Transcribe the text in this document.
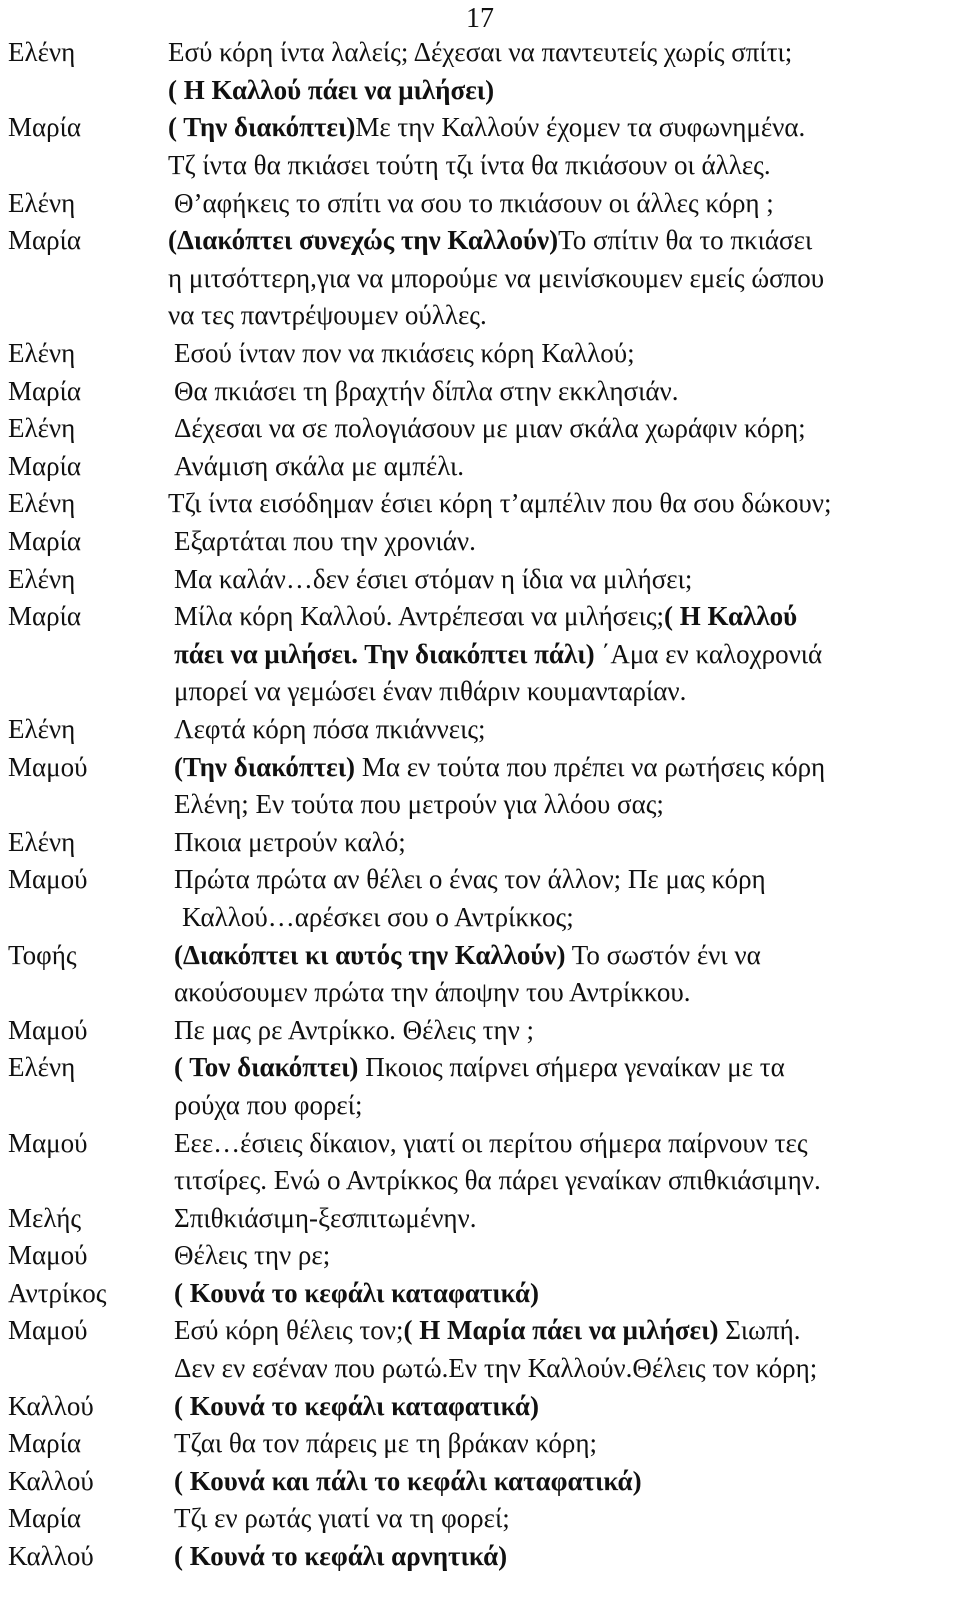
17
Ελένη	Εσύ κόρη ίντα λαλείς; Δέχεσαι να παντευτείς χωρίς σπίτι;
( Η Καλλού πάει να μιλήσει)
Μαρία	( Την διακόπτει)Με την Καλλούν έχομεν τα συφωνημένα.
Τζ ίντα θα πκιάσει τούτη τζι ίντα θα πκιάσουν οι άλλες.
Ελένη	Θ’αφήκεις το σπίτι να σου το πκιάσουν οι άλλες κόρη ;
Μαρία	(Διακόπτει συνεχώς την Καλλούν)Το σπίτιν θα το πκιάσει
η μιτσόττερη,για να μπορούμε να μεινίσκουμεν εμείς ώσπου
να τες παντρέψουμεν ούλλες.
Ελένη	Εσού ίνταν πον να πκιάσεις κόρη Καλλού;
Μαρία	Θα πκιάσει τη βραχτήν δίπλα στην εκκλησιάν.
Ελένη	Δέχεσαι να σε πολογιάσουν με μιαν σκάλα χωράφιν κόρη;
Μαρία	Ανάμιση σκάλα με αμπέλι.
Ελένη	Τζι ίντα εισόδημαν έσιει κόρη τ’αμπέλιν που θα σου δώκουν;
Μαρία	Εξαρτάται που την χρονιάν.
Ελένη	Μα καλάν…δεν έσιει στόμαν η ίδια να μιλήσει;
Μαρία	Μίλα κόρη Καλλού. Αντρέπεσαι να μιλήσεις;( Η Καλλού
πάει να μιλήσει. Την διακόπτει πάλι) ΄Αμα εν καλοχρονιά
μπορεί να γεμώσει έναν πιθάριν κουμανταρίαν.
Ελένη	Λεφτά κόρη πόσα πκιάννεις;
Μαμού	(Την διακόπτει) Μα εν τούτα που πρέπει να ρωτήσεις κόρη
Ελένη; Εν τούτα που μετρούν για λλόου σας;
Ελένη	Πκοια μετρούν καλό;
Μαμού	Πρώτα πρώτα αν θέλει ο ένας τον άλλον; Πε μας κόρη
Καλλού…αρέσκει σου ο Αντρίκκος;
Τοφής	(Διακόπτει κι αυτός την Καλλούν) Το σωστόν ένι να
ακούσουμεν πρώτα την άποψην του Αντρίκκου.
Μαμού	Πε μας ρε Αντρίκκο. Θέλεις την ;
Ελένη	( Τον διακόπτει) Πκοιος παίρνει σήμερα γεναίκαν με τα
ρούχα που φορεί;
Μαμού	Εεε…έσιεις δίκαιον, γιατί οι περίτου σήμερα παίρνουν τες
τιτσίρες. Ενώ ο Αντρίκκος θα πάρει γεναίκαν σπιθκιάσιμην.
Μελής	Σπιθκιάσιμη-ξεσπιτωμένην.
Μαμού	Θέλεις την ρε;
Αντρίκος	( Κουνά το κεφάλι καταφατικά)
Μαμού	Εσύ κόρη θέλεις τον;( Η Μαρία πάει να μιλήσει) Σιωπή.
Δεν εν εσέναν που ρωτώ.Εν την Καλλούν.Θέλεις τον κόρη;
Καλλού	( Κουνά το κεφάλι καταφατικά)
Μαρία	Τζαι θα τον πάρεις με τη βράκαν κόρη;
Καλλού	( Κουνά και πάλι το κεφάλι καταφατικά)
Μαρία	Τζι εν ρωτάς γιατί να τη φορεί;
Καλλού	( Κουνά το κεφάλι αρνητικά)
